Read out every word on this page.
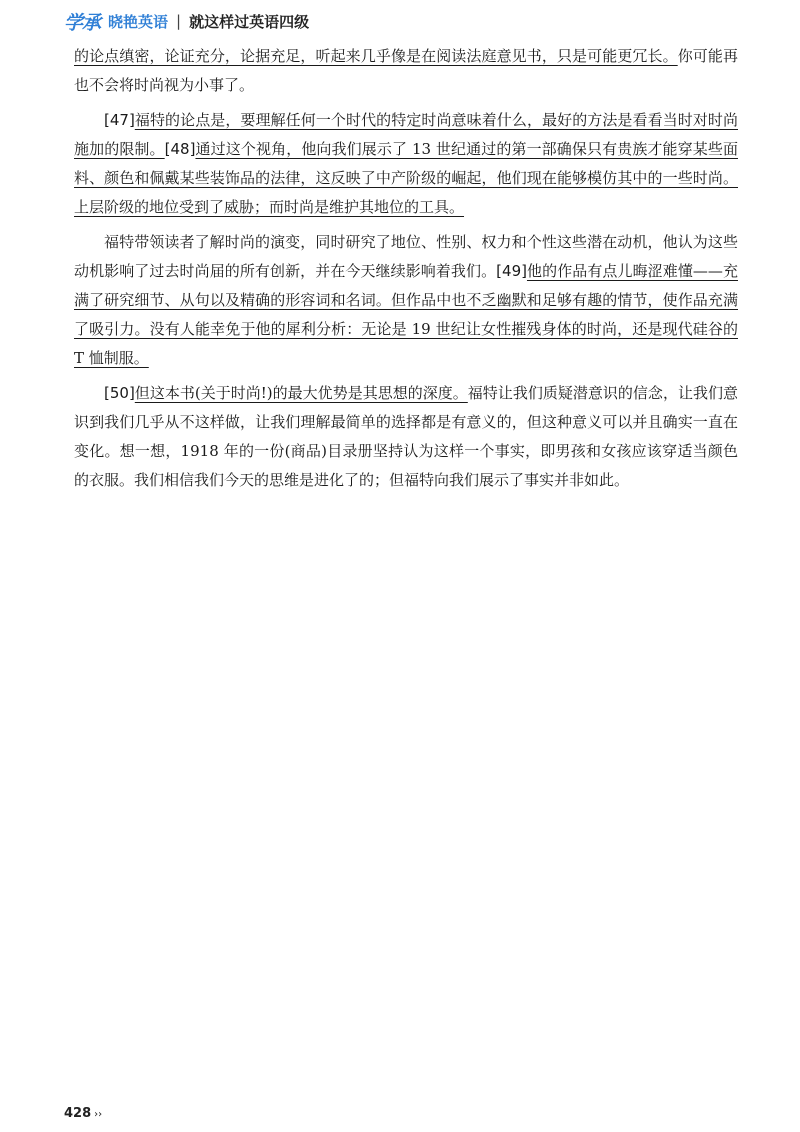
学承 晓艳英语 | 就这样过英语四级

的论点缜密，论证充分，论据充足，听起来几乎像是在阅读法庭意见书，只是可能更冗长。你可能再也不会将时尚视为小事了。

[47]福特的论点是，要理解任何一个时代的特定时尚意味着什么，最好的方法是看看当时对时尚施加的限制。[48]通过这个视角，他向我们展示了 13 世纪通过的第一部确保只有贵族才能穿某些面料、颜色和佩戴某些装饰品的法律，这反映了中产阶级的崛起，他们现在能够模仿其中的一些时尚。上层阶级的地位受到了威胁；而时尚是维护其地位的工具。

福特带领读者了解时尚的演变，同时研究了地位、性别、权力和个性这些潜在动机，他认为这些动机影响了过去时尚届的所有创新，并在今天继续影响着我们。[49]他的作品有点儿晦涩难懂——充满了研究细节、从句以及精确的形容词和名词。但作品中也不乏幽默和足够有趣的情节，使作品充满了吸引力。没有人能幸免于他的犀利分析：无论是 19 世纪让女性摧残身体的时尚，还是现代硅谷的 T 恤制服。

[50]但这本书(关于时尚!)的最大优势是其思想的深度。福特让我们质疑潜意识的信念，让我们意识到我们几乎从不这样做，让我们理解最简单的选择都是有意义的，但这种意义可以并且确实一直在变化。想一想，1918 年的一份(商品)目录册坚持认为这样一个事实，即男孩和女孩应该穿适当颜色的衣服。我们相信我们今天的思维是进化了的；但福特向我们展示了事实并非如此。

428 ››
